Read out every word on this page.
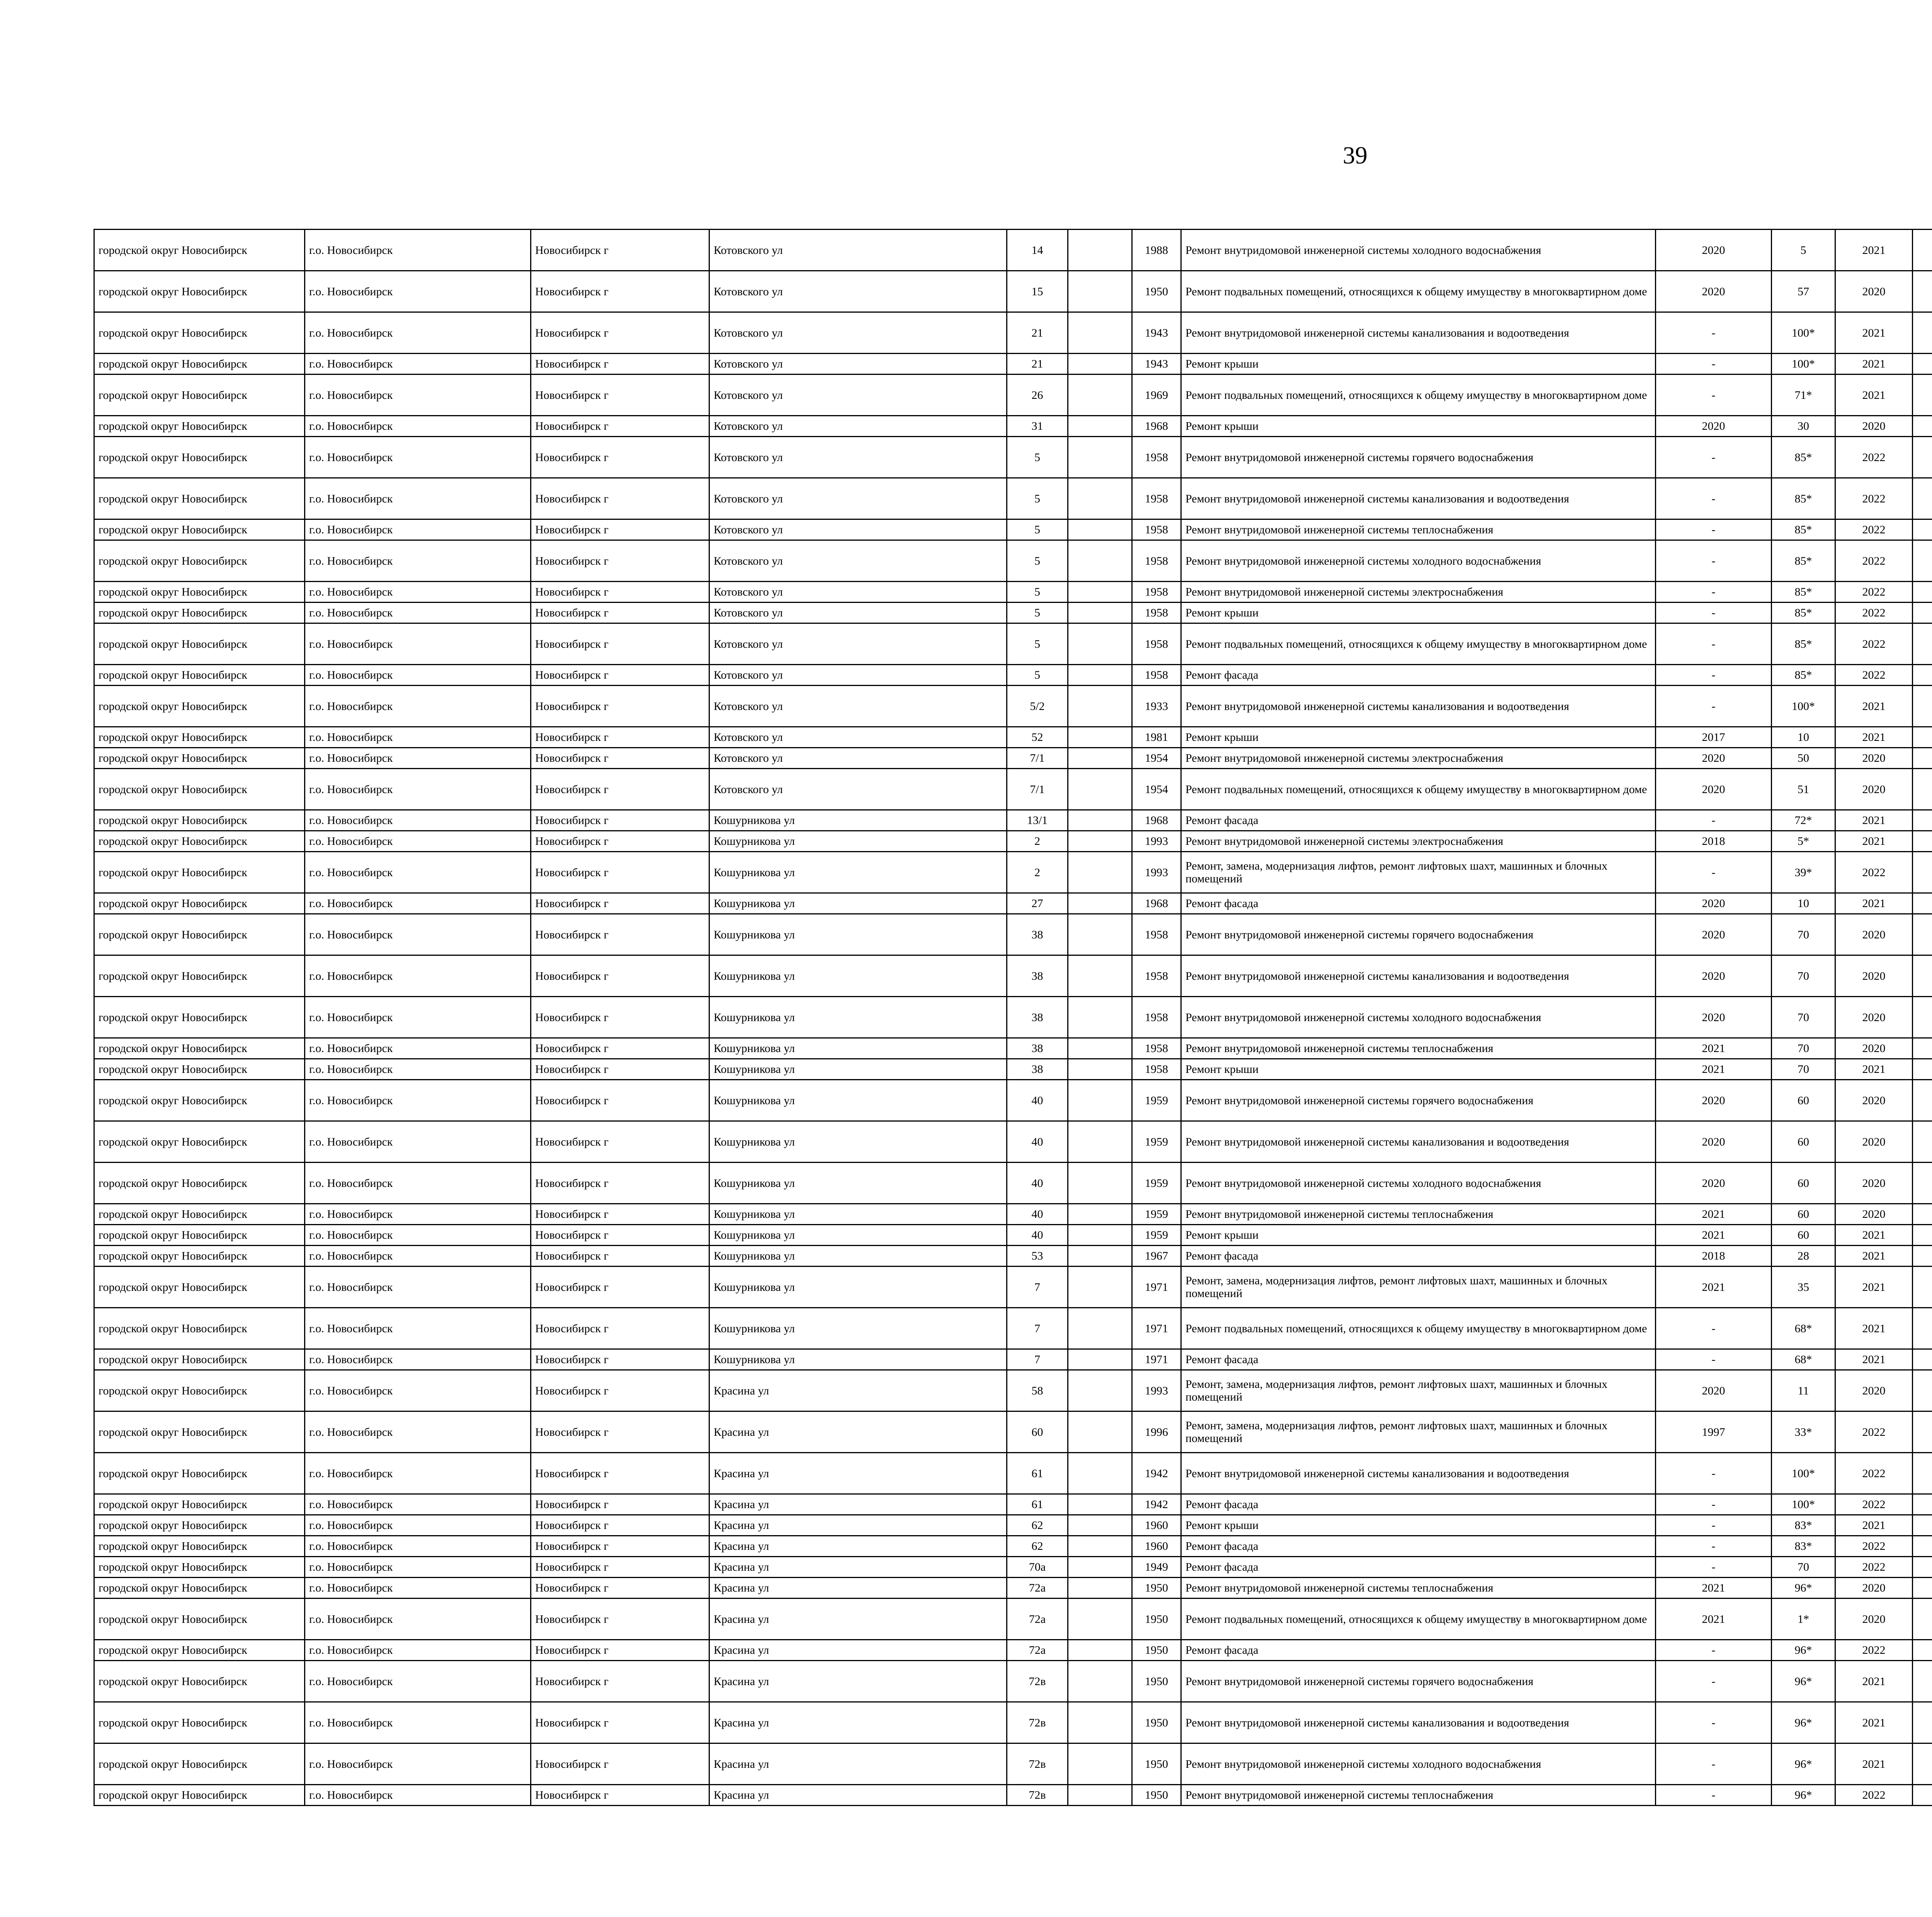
39
городской округ Новосибирск	г.о. Новосибирск	Новосибирск г	Котовского ул	14		1988	Ремонт внутридомовой инженерной системы холодного водоснабжения	2020	5	2021						
городской округ Новосибирск	г.о. Новосибирск	Новосибирск г	Котовского ул	15		1950	Ремонт подвальных помещений, относящихся к общему имуществу в многоквартирном доме	2020	57	2020						
городской округ Новосибирск	г.о. Новосибирск	Новосибирск г	Котовского ул	21		1943	Ремонт внутридомовой инженерной системы канализования и водоотведения	-	100*	2021						
городской округ Новосибирск	г.о. Новосибирск	Новосибирск г	Котовского ул	21		1943	Ремонт крыши	-	100*	2021						
городской округ Новосибирск	г.о. Новосибирск	Новосибирск г	Котовского ул	26		1969	Ремонт подвальных помещений, относящихся к общему имуществу в многоквартирном доме	-	71*	2021						
городской округ Новосибирск	г.о. Новосибирск	Новосибирск г	Котовского ул	31		1968	Ремонт крыши	2020	30	2020						
городской округ Новосибирск	г.о. Новосибирск	Новосибирск г	Котовского ул	5		1958	Ремонт внутридомовой инженерной системы горячего водоснабжения	-	85*	2022						
городской округ Новосибирск	г.о. Новосибирск	Новосибирск г	Котовского ул	5		1958	Ремонт внутридомовой инженерной системы канализования и водоотведения	-	85*	2022						
городской округ Новосибирск	г.о. Новосибирск	Новосибирск г	Котовского ул	5		1958	Ремонт внутридомовой инженерной системы теплоснабжения	-	85*	2022						
городской округ Новосибирск	г.о. Новосибирск	Новосибирск г	Котовского ул	5		1958	Ремонт внутридомовой инженерной системы холодного водоснабжения	-	85*	2022						
городской округ Новосибирск	г.о. Новосибирск	Новосибирск г	Котовского ул	5		1958	Ремонт внутридомовой инженерной системы электроснабжения	-	85*	2022						
городской округ Новосибирск	г.о. Новосибирск	Новосибирск г	Котовского ул	5		1958	Ремонт крыши	-	85*	2022						
городской округ Новосибирск	г.о. Новосибирск	Новосибирск г	Котовского ул	5		1958	Ремонт подвальных помещений, относящихся к общему имуществу в многоквартирном доме	-	85*	2022						
городской округ Новосибирск	г.о. Новосибирск	Новосибирск г	Котовского ул	5		1958	Ремонт фасада	-	85*	2022						
городской округ Новосибирск	г.о. Новосибирск	Новосибирск г	Котовского ул	5/2		1933	Ремонт внутридомовой инженерной системы канализования и водоотведения	-	100*	2021						
городской округ Новосибирск	г.о. Новосибирск	Новосибирск г	Котовского ул	52		1981	Ремонт крыши	2017	10	2021						
городской округ Новосибирск	г.о. Новосибирск	Новосибирск г	Котовского ул	7/1		1954	Ремонт внутридомовой инженерной системы электроснабжения	2020	50	2020						
городской округ Новосибирск	г.о. Новосибирск	Новосибирск г	Котовского ул	7/1		1954	Ремонт подвальных помещений, относящихся к общему имуществу в многоквартирном доме	2020	51	2020						
городской округ Новосибирск	г.о. Новосибирск	Новосибирск г	Кошурникова ул	13/1		1968	Ремонт фасада	-	72*	2021						
городской округ Новосибирск	г.о. Новосибирск	Новосибирск г	Кошурникова ул	2		1993	Ремонт внутридомовой инженерной системы электроснабжения	2018	5*	2021						
городской округ Новосибирск	г.о. Новосибирск	Новосибирск г	Кошурникова ул	2		1993	Ремонт, замена, модернизация лифтов, ремонт лифтовых шахт, машинных и блочных помещений	-	39*	2022						
городской округ Новосибирск	г.о. Новосибирск	Новосибирск г	Кошурникова ул	27		1968	Ремонт фасада	2020	10	2021						
городской округ Новосибирск	г.о. Новосибирск	Новосибирск г	Кошурникова ул	38		1958	Ремонт внутридомовой инженерной системы горячего водоснабжения	2020	70	2020						
городской округ Новосибирск	г.о. Новосибирск	Новосибирск г	Кошурникова ул	38		1958	Ремонт внутридомовой инженерной системы канализования и водоотведения	2020	70	2020						
городской округ Новосибирск	г.о. Новосибирск	Новосибирск г	Кошурникова ул	38		1958	Ремонт внутридомовой инженерной системы холодного водоснабжения	2020	70	2020						
городской округ Новосибирск	г.о. Новосибирск	Новосибирск г	Кошурникова ул	38		1958	Ремонт внутридомовой инженерной системы теплоснабжения	2021	70	2020						
городской округ Новосибирск	г.о. Новосибирск	Новосибирск г	Кошурникова ул	38		1958	Ремонт крыши	2021	70	2021						
городской округ Новосибирск	г.о. Новосибирск	Новосибирск г	Кошурникова ул	40		1959	Ремонт внутридомовой инженерной системы горячего водоснабжения	2020	60	2020						
городской округ Новосибирск	г.о. Новосибирск	Новосибирск г	Кошурникова ул	40		1959	Ремонт внутридомовой инженерной системы канализования и водоотведения	2020	60	2020						
городской округ Новосибирск	г.о. Новосибирск	Новосибирск г	Кошурникова ул	40		1959	Ремонт внутридомовой инженерной системы холодного водоснабжения	2020	60	2020						
городской округ Новосибирск	г.о. Новосибирск	Новосибирск г	Кошурникова ул	40		1959	Ремонт внутридомовой инженерной системы теплоснабжения	2021	60	2020						
городской округ Новосибирск	г.о. Новосибирск	Новосибирск г	Кошурникова ул	40		1959	Ремонт крыши	2021	60	2021						
городской округ Новосибирск	г.о. Новосибирск	Новосибирск г	Кошурникова ул	53		1967	Ремонт фасада	2018	28	2021						
городской округ Новосибирск	г.о. Новосибирск	Новосибирск г	Кошурникова ул	7		1971	Ремонт, замена, модернизация лифтов, ремонт лифтовых шахт, машинных и блочных помещений	2021	35	2021						
городской округ Новосибирск	г.о. Новосибирск	Новосибирск г	Кошурникова ул	7		1971	Ремонт подвальных помещений, относящихся к общему имуществу в многоквартирном доме	-	68*	2021						
городской округ Новосибирск	г.о. Новосибирск	Новосибирск г	Кошурникова ул	7		1971	Ремонт фасада	-	68*	2021						
городской округ Новосибирск	г.о. Новосибирск	Новосибирск г	Красина ул	58		1993	Ремонт, замена, модернизация лифтов, ремонт лифтовых шахт, машинных и блочных помещений	2020	11	2020						
городской округ Новосибирск	г.о. Новосибирск	Новосибирск г	Красина ул	60		1996	Ремонт, замена, модернизация лифтов, ремонт лифтовых шахт, машинных и блочных помещений	1997	33*	2022						
городской округ Новосибирск	г.о. Новосибирск	Новосибирск г	Красина ул	61		1942	Ремонт внутридомовой инженерной системы канализования и водоотведения	-	100*	2022						
городской округ Новосибирск	г.о. Новосибирск	Новосибирск г	Красина ул	61		1942	Ремонт фасада	-	100*	2022						
городской округ Новосибирск	г.о. Новосибирск	Новосибирск г	Красина ул	62		1960	Ремонт крыши	-	83*	2021						
городской округ Новосибирск	г.о. Новосибирск	Новосибирск г	Красина ул	62		1960	Ремонт фасада	-	83*	2022						
городской округ Новосибирск	г.о. Новосибирск	Новосибирск г	Красина ул	70а		1949	Ремонт фасада	-	70	2022						
городской округ Новосибирск	г.о. Новосибирск	Новосибирск г	Красина ул	72а		1950	Ремонт внутридомовой инженерной системы теплоснабжения	2021	96*	2020						
городской округ Новосибирск	г.о. Новосибирск	Новосибирск г	Красина ул	72а		1950	Ремонт подвальных помещений, относящихся к общему имуществу в многоквартирном доме	2021	1*	2020						
городской округ Новосибирск	г.о. Новосибирск	Новосибирск г	Красина ул	72а		1950	Ремонт фасада	-	96*	2022						
городской округ Новосибирск	г.о. Новосибирск	Новосибирск г	Красина ул	72в		1950	Ремонт внутридомовой инженерной системы горячего водоснабжения	-	96*	2021						
городской округ Новосибирск	г.о. Новосибирск	Новосибирск г	Красина ул	72в		1950	Ремонт внутридомовой инженерной системы канализования и водоотведения	-	96*	2021						
городской округ Новосибирск	г.о. Новосибирск	Новосибирск г	Красина ул	72в		1950	Ремонт внутридомовой инженерной системы холодного водоснабжения	-	96*	2021						
городской округ Новосибирск	г.о. Новосибирск	Новосибирск г	Красина ул	72в		1950	Ремонт внутридомовой инженерной системы теплоснабжения	-	96*	2022						
